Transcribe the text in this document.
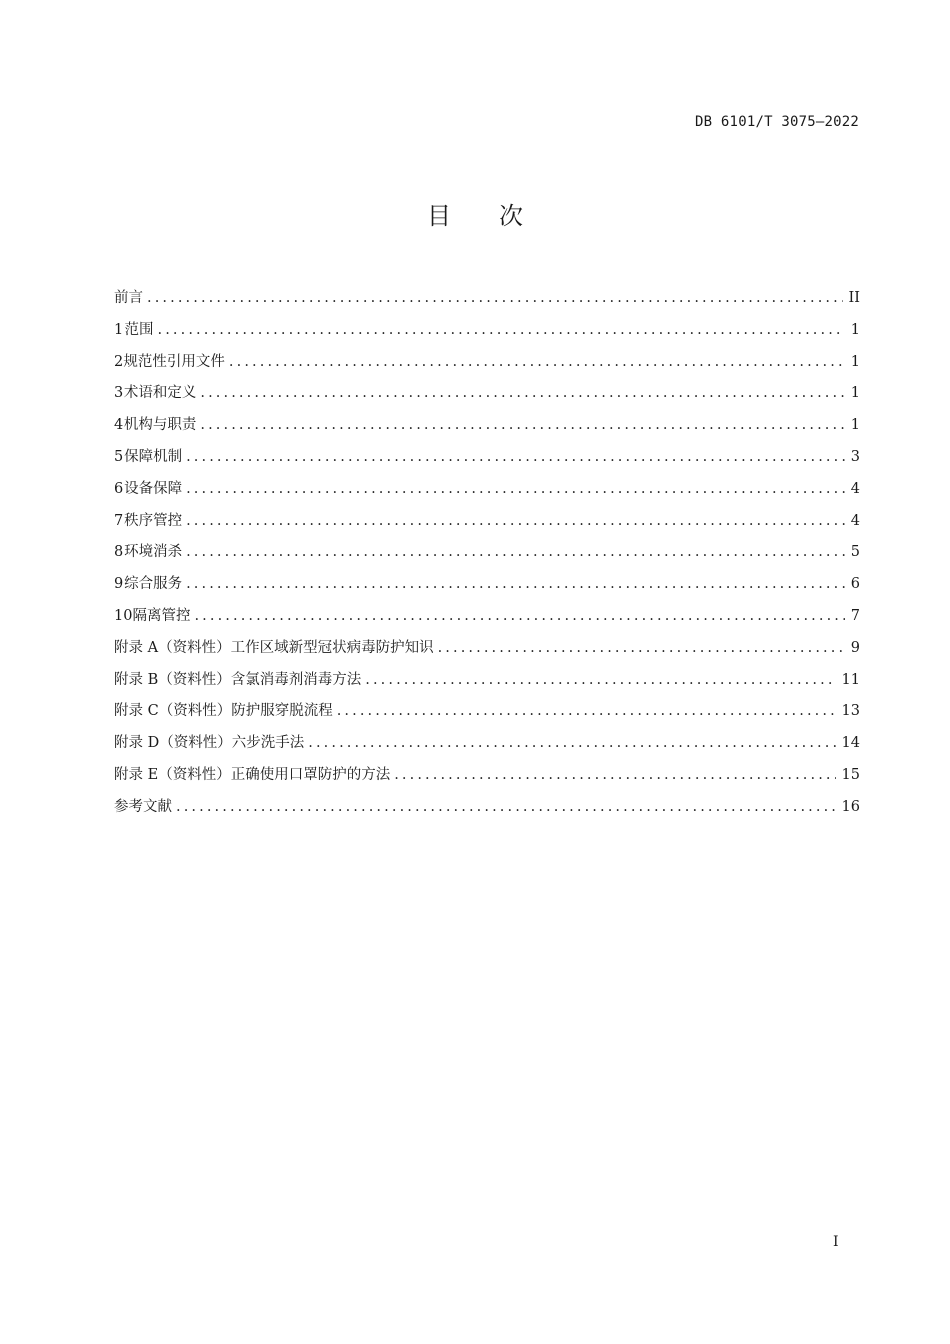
DB 6101/T 3075—2022
目 次
前言 .....	II
1 范围 .....	1
2 规范性引用文件 .....	1
3 术语和定义 .....	1
4 机构与职责 .....	1
5 保障机制 .....	3
6 设备保障 .....	4
7 秩序管控 .....	4
8 环境消杀 .....	5
9 综合服务 .....	6
10 隔离管控 .....	7
附录 A（资料性） 工作区域新型冠状病毒防护知识 .....	9
附录 B（资料性） 含氯消毒剂消毒方法 .....	11
附录 C（资料性） 防护服穿脱流程 .....	13
附录 D（资料性） 六步洗手法 .....	14
附录 E（资料性） 正确使用口罩防护的方法 .....	15
参考文献 .....	16
I
